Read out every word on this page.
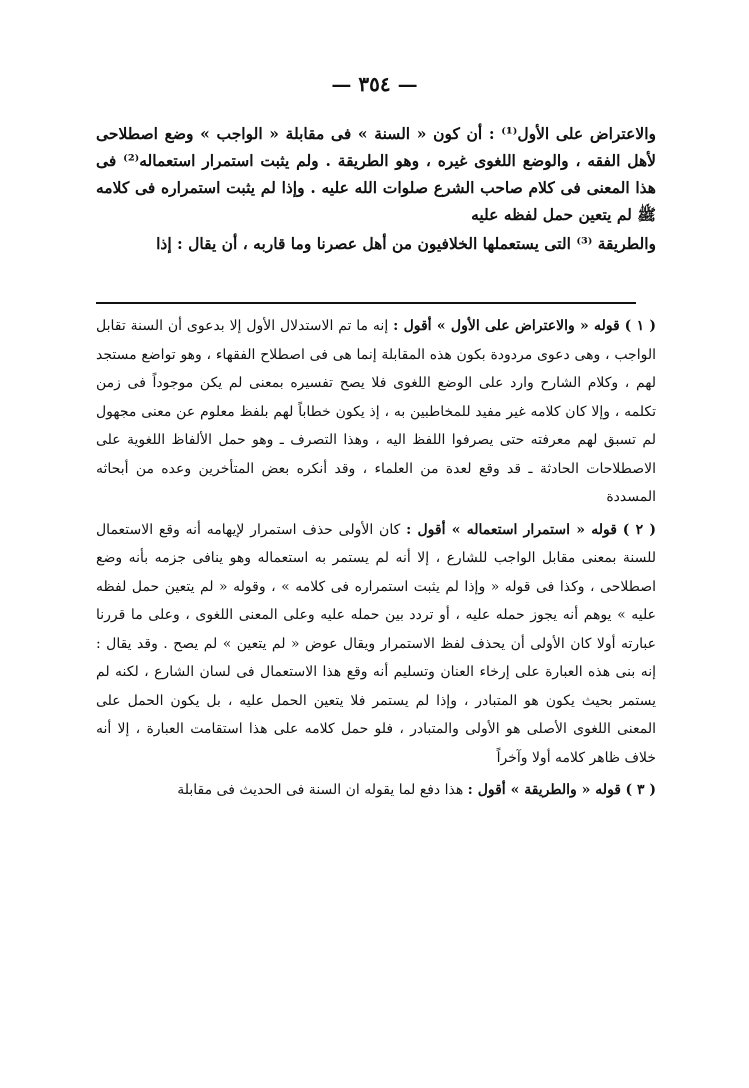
— ٣٥٤ —

والاعتراض على الأول⁽¹⁾ : أن كون « السنة » فى مقابلة « الواجب » وضع اصطلاحى لأهل الفقه ، والوضع اللغوى غيره ، وهو الطريقة . ولم يثبت استمرار استعماله⁽²⁾ فى هذا المعنى فى كلام صاحب الشرع صلوات الله عليه . وإذا لم يثبت استمراره فى كلامه ﷺ لم يتعين حمل لفظه عليه

والطريقة ⁽³⁾ التى يستعملها الخلافيون من أهل عصرنا وما قاربه ، أن يقال : إذا

( ١ ) قوله « والاعتراض على الأول » أقول : إنه ما تم الاستدلال الأول إلا بدعوى أن السنة تقابل الواجب ، وهى دعوى مردودة بكون هذه المقابلة إنما هى فى اصطلاح الفقهاء ، وهو تواضع مستجد لهم ، وكلام الشارح وارد على الوضع اللغوى فلا يصح تفسيره بمعنى لم يكن موجوداً فى زمن تكلمه ، وإلا كان كلامه غير مفيد للمخاطبين به ، إذ يكون خطاباً لهم بلفظ معلوم عن معنى مجهول لم تسبق لهم معرفته حتى يصرفوا اللفظ اليه ، وهذا التصرف ـ وهو حمل الألفاظ اللغوية على الاصطلاحات الحادثة ـ قد وقع لعدة من العلماء ، وقد أنكره بعض المتأخرين وعده من أبحاثه المسددة

( ٢ ) قوله « استمرار استعماله » أقول : كان الأولى حذف استمرار لإيهامه أنه وقع الاستعمال للسنة بمعنى مقابل الواجب للشارع ، إلا أنه لم يستمر به استعماله وهو ينافى جزمه بأنه وضع اصطلاحى ، وكذا فى قوله « وإذا لم يثبت استمراره فى كلامه » ، وقوله « لم يتعين حمل لفظه عليه » يوهم أنه يجوز حمله عليه ، أو تردد بين حمله عليه وعلى المعنى اللغوى ، وعلى ما قررنا عبارته أولا كان الأولى أن يحذف لفظ الاستمرار ويقال عوض « لم يتعين » لم يصح . وقد يقال : إنه بنى هذه العبارة على إرخاء العنان وتسليم أنه وقع هذا الاستعمال فى لسان الشارع ، لكنه لم يستمر بحيث يكون هو المتبادر ، وإذا لم يستمر فلا يتعين الحمل عليه ، بل يكون الحمل على المعنى اللغوى الأصلى هو الأولى والمتبادر ، فلو حمل كلامه على هذا استقامت العبارة ، إلا أنه خلاف ظاهر كلامه أولا وآخراً

( ٣ ) قوله « والطريقة » أقول : هذا دفع لما يقوله ان السنة فى الحديث فى مقابلة
